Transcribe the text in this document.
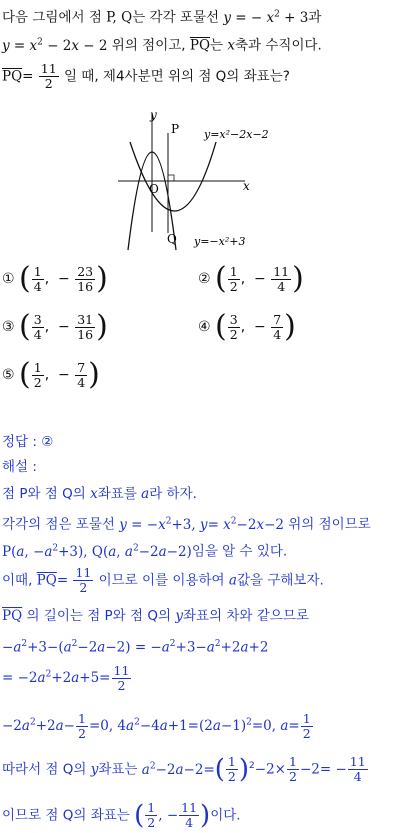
다음 그림에서 점 P, Q는 각각 포물선 y = − $x^2 + 3$과
$y = x^2 - 2x - 2$ 위의 점이고, $\overline{PQ}$는 x축과 수직이다.
$\overline{PQ}= \frac{11}{2}$ 일 때, 제4사분면 위의 점 Q의 좌표는?
y
x
O
P
Q
y=x²−2x−2
y=−x²+3
① ( $\frac{1}{4}$ ,  − $\frac{23}{16}$ )	② ( $\frac{1}{2}$ ,  − $\frac{11}{4}$ )
③ ( $\frac{3}{4}$ ,  − $\frac{31}{16}$ )	④ ( $\frac{3}{2}$ ,  − $\frac{7}{4}$ )
⑤ ( $\frac{1}{2}$ ,  − $\frac{7}{4}$ )
정답 : ②
해설 :
점 P와 점 Q의 x좌표를 a라 하자.
각각의 점은 포물선 $y = -x^2+3$, $y= x^2-2x-2$ 위의 점이므로
P(a, $-a^2+3$), Q(a, $a^2-2a-2$)임을 알 수 있다.
이때, $\overline{PQ}= \frac{11}{2}$ 이므로 이를 이용하여 a값을 구해보자.
$\overline{PQ}$ 의 길이는 점 P와 점 Q의 y좌표의 차와 같으므로
$-a^2+3-(a^2-2a-2) = -a^2+3-a^2+2a+2$
= $-2a^2+2a+5= \frac{11}{2}$
$-2a^2+2a- \frac{1}{2} =0$, $4a^2-4a+1=(2a-1)^2=0$, $a= \frac{1}{2}$
따라서 점 Q의 y좌표는 $a^2-2a-2=( \frac{1}{2} )^2-2\times \frac{1}{2} -2= - \frac{11}{4}$
이므로 점 Q의 좌표는 ( $\frac{1}{2}$ , − $\frac{11}{4}$ )이다.
